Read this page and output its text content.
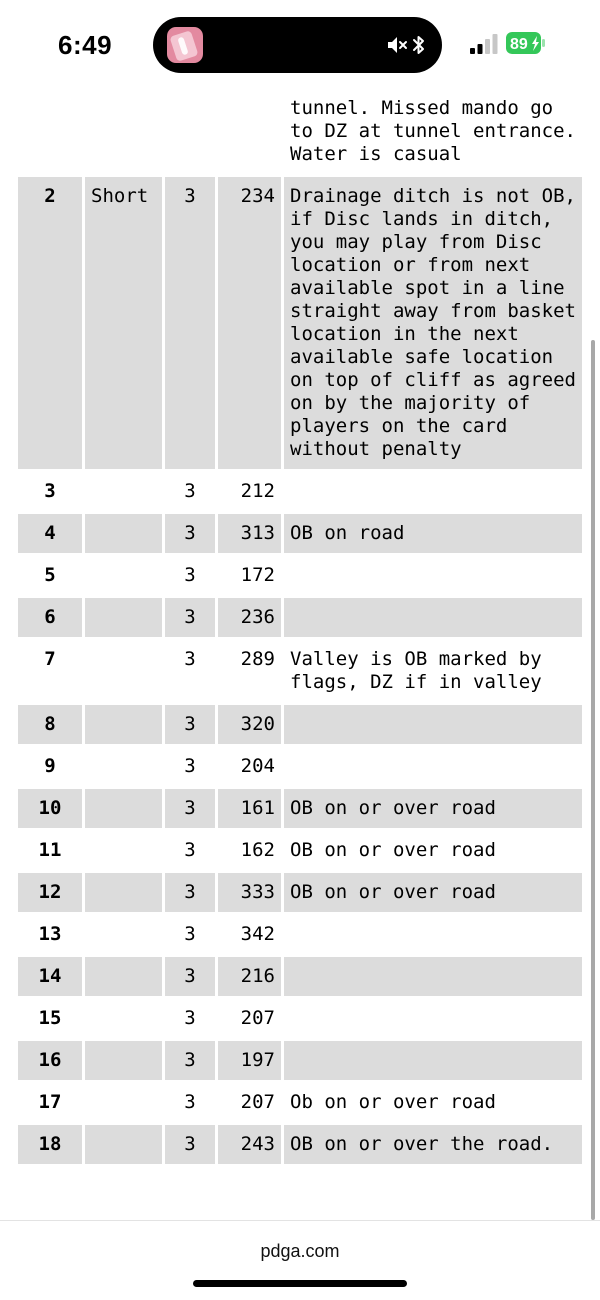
				tunnel. Missed mando go to DZ at tunnel entrance. Water is casual
2	Short	3	234	Drainage ditch is not OB, if Disc lands in ditch, you may play from Disc location or from next available spot in a line straight away from basket location in the next available safe location on top of cliff as agreed on by the majority of players on the card without penalty
3		3	212	
4		3	313	OB on road
5		3	172	
6		3	236	
7		3	289	Valley is OB marked by flags, DZ if in valley
8		3	320	
9		3	204	
10		3	161	OB on or over road
11		3	162	OB on or over road
12		3	333	OB on or over road
13		3	342	
14		3	216	
15		3	207	
16		3	197	
17		3	207	Ob on or over road
18		3	243	OB on or over the road.
6:49	89
pdga.com
